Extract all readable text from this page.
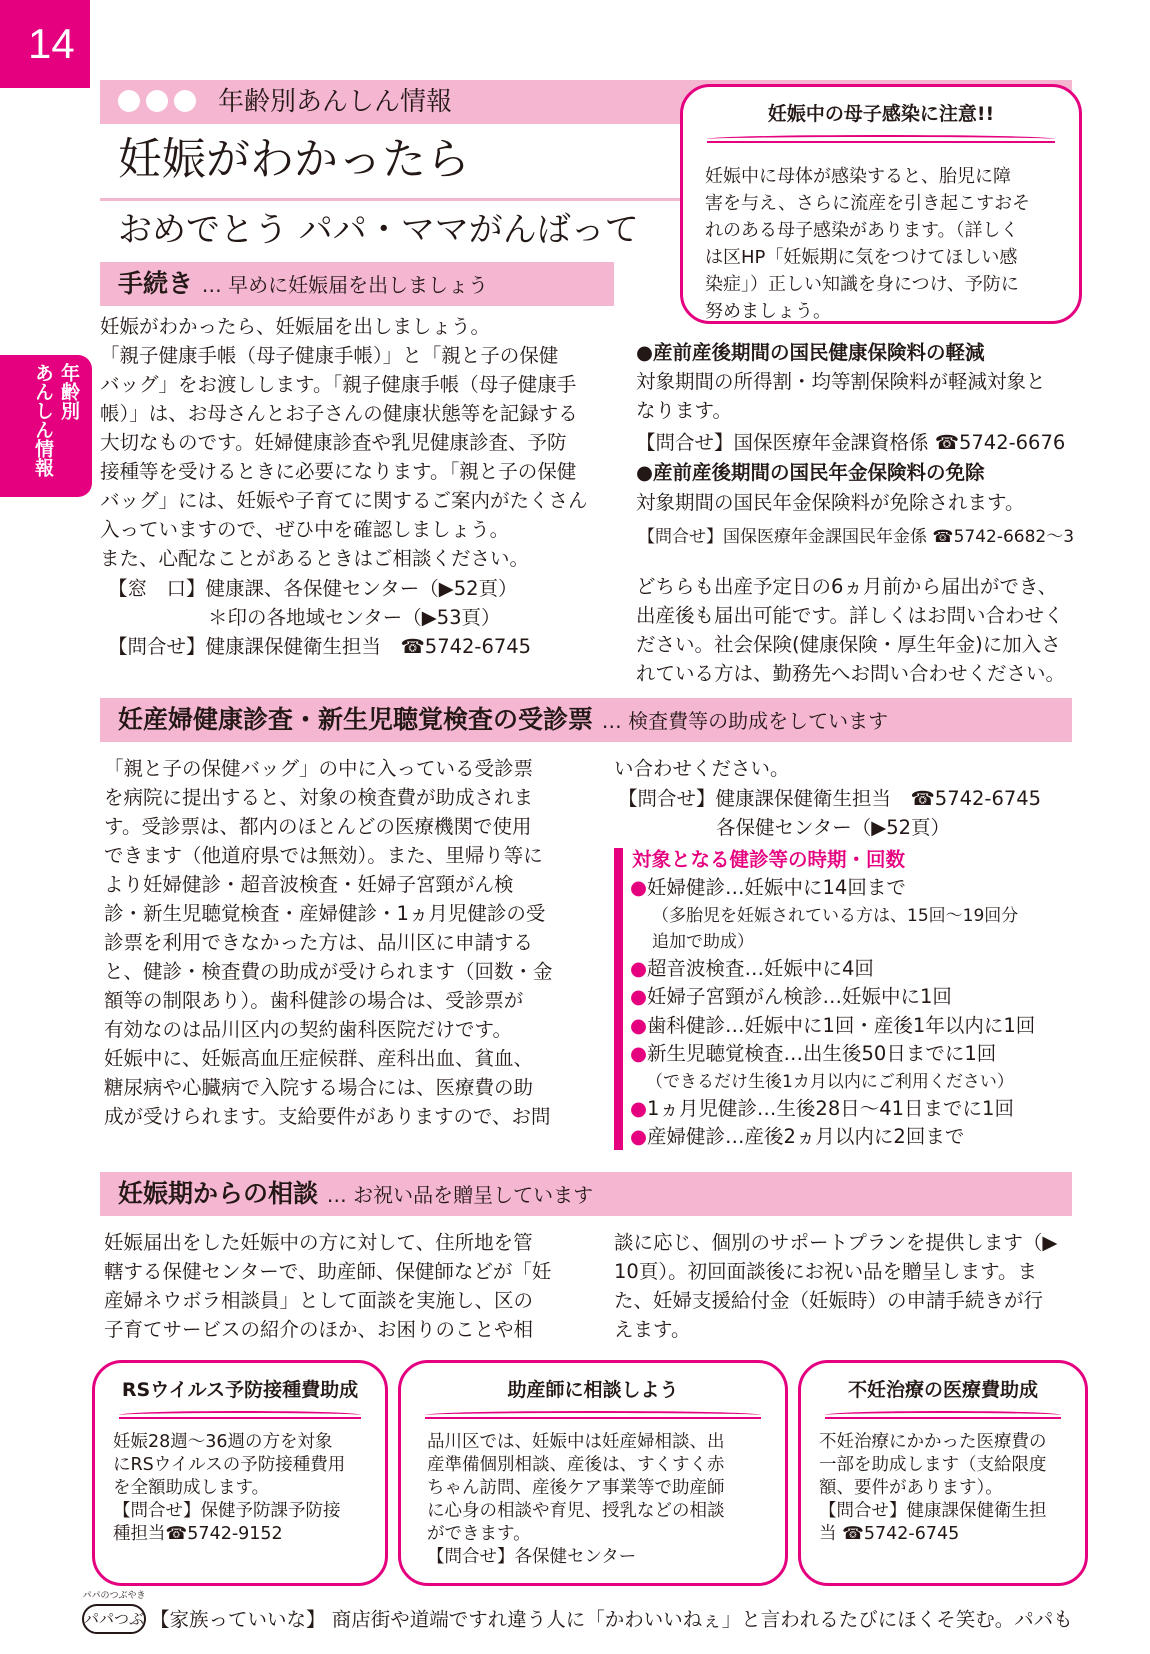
14
年齢別
あんしん情報
年齢別あんしん情報
妊娠がわかったら
おめでとう パパ・ママがんばって
妊娠中の母子感染に注意!!
妊娠中に母体が感染すると、胎児に障
害を与え、さらに流産を引き起こすおそ
れのある母子感染があります。（詳しく
は区HP「妊娠期に気をつけてほしい感
染症」）正しい知識を身につけ、予防に
努めましょう。
手続き … 早めに妊娠届を出しましょう
妊娠がわかったら、妊娠届を出しましょう。
「親子健康手帳（母子健康手帳）」と「親と子の保健
バッグ」をお渡しします。「親子健康手帳（母子健康手
帳）」は、お母さんとお子さんの健康状態等を記録する
大切なものです。妊婦健康診査や乳児健康診査、予防
接種等を受けるときに必要になります。「親と子の保健
バッグ」には、妊娠や子育てに関するご案内がたくさん
入っていますので、ぜひ中を確認しましょう。
また、心配なことがあるときはご相談ください。
【窓　口】健康課、各保健センター（▶52頁）
＊印の各地域センター（▶53頁）
【問合せ】健康課保健衛生担当　☎5742-6745
●産前産後期間の国民健康保険料の軽減
対象期間の所得割・均等割保険料が軽減対象と
なります。
【問合せ】国保医療年金課資格係 ☎5742-6676
●産前産後期間の国民年金保険料の免除
対象期間の国民年金保険料が免除されます。
【問合せ】国保医療年金課国民年金係 ☎5742-6682〜3
どちらも出産予定日の6ヵ月前から届出ができ、
出産後も届出可能です。詳しくはお問い合わせく
ださい。社会保険(健康保険・厚生年金)に加入さ
れている方は、勤務先へお問い合わせください。
妊産婦健康診査・新生児聴覚検査の受診票 … 検査費等の助成をしています
「親と子の保健バッグ」の中に入っている受診票
を病院に提出すると、対象の検査費が助成されま
す。受診票は、都内のほとんどの医療機関で使用
できます（他道府県では無効）。また、里帰り等に
より妊婦健診・超音波検査・妊婦子宮頸がん検
診・新生児聴覚検査・産婦健診・1ヵ月児健診の受
診票を利用できなかった方は、品川区に申請する
と、健診・検査費の助成が受けられます（回数・金
額等の制限あり）。歯科健診の場合は、受診票が
有効なのは品川区内の契約歯科医院だけです。
妊娠中に、妊娠高血圧症候群、産科出血、貧血、
糖尿病や心臓病で入院する場合には、医療費の助
成が受けられます。支給要件がありますので、お問
い合わせください。
【問合せ】健康課保健衛生担当　☎5742-6745
各保健センター（▶52頁）
対象となる健診等の時期・回数
●妊婦健診…妊娠中に14回まで
（多胎児を妊娠されている方は、15回〜19回分
追加で助成）
●超音波検査…妊娠中に4回
●妊婦子宮頸がん検診…妊娠中に1回
●歯科健診…妊娠中に1回・産後1年以内に1回
●新生児聴覚検査…出生後50日までに1回
（できるだけ生後1カ月以内にご利用ください）
●1ヵ月児健診…生後28日〜41日までに1回
●産婦健診…産後2ヵ月以内に2回まで
妊娠期からの相談 … お祝い品を贈呈しています
妊娠届出をした妊娠中の方に対して、住所地を管
轄する保健センターで、助産師、保健師などが「妊
産婦ネウボラ相談員」として面談を実施し、区の
子育てサービスの紹介のほか、お困りのことや相
談に応じ、個別のサポートプランを提供します（▶
10頁）。初回面談後にお祝い品を贈呈します。ま
た、妊婦支援給付金（妊娠時）の申請手続きが行
えます。
RSウイルス予防接種費助成
妊娠28週〜36週の方を対象
にRSウイルスの予防接種費用
を全額助成します。
【問合せ】保健予防課予防接
種担当☎5742-9152
助産師に相談しよう
品川区では、妊娠中は妊産婦相談、出
産準備個別相談、産後は、すくすく赤
ちゃん訪問、産後ケア事業等で助産師
に心身の相談や育児、授乳などの相談
ができます。
【問合せ】各保健センター
不妊治療の医療費助成
不妊治療にかかった医療費の
一部を助成します（支給限度
額、要件があります）。
【問合せ】健康課保健衛生担
当 ☎5742-6745
パパのつぶやき
パパつぶ 【家族っていいな】 商店街や道端ですれ違う人に「かわいいねぇ」と言われるたびにほくそ笑む。パパも
